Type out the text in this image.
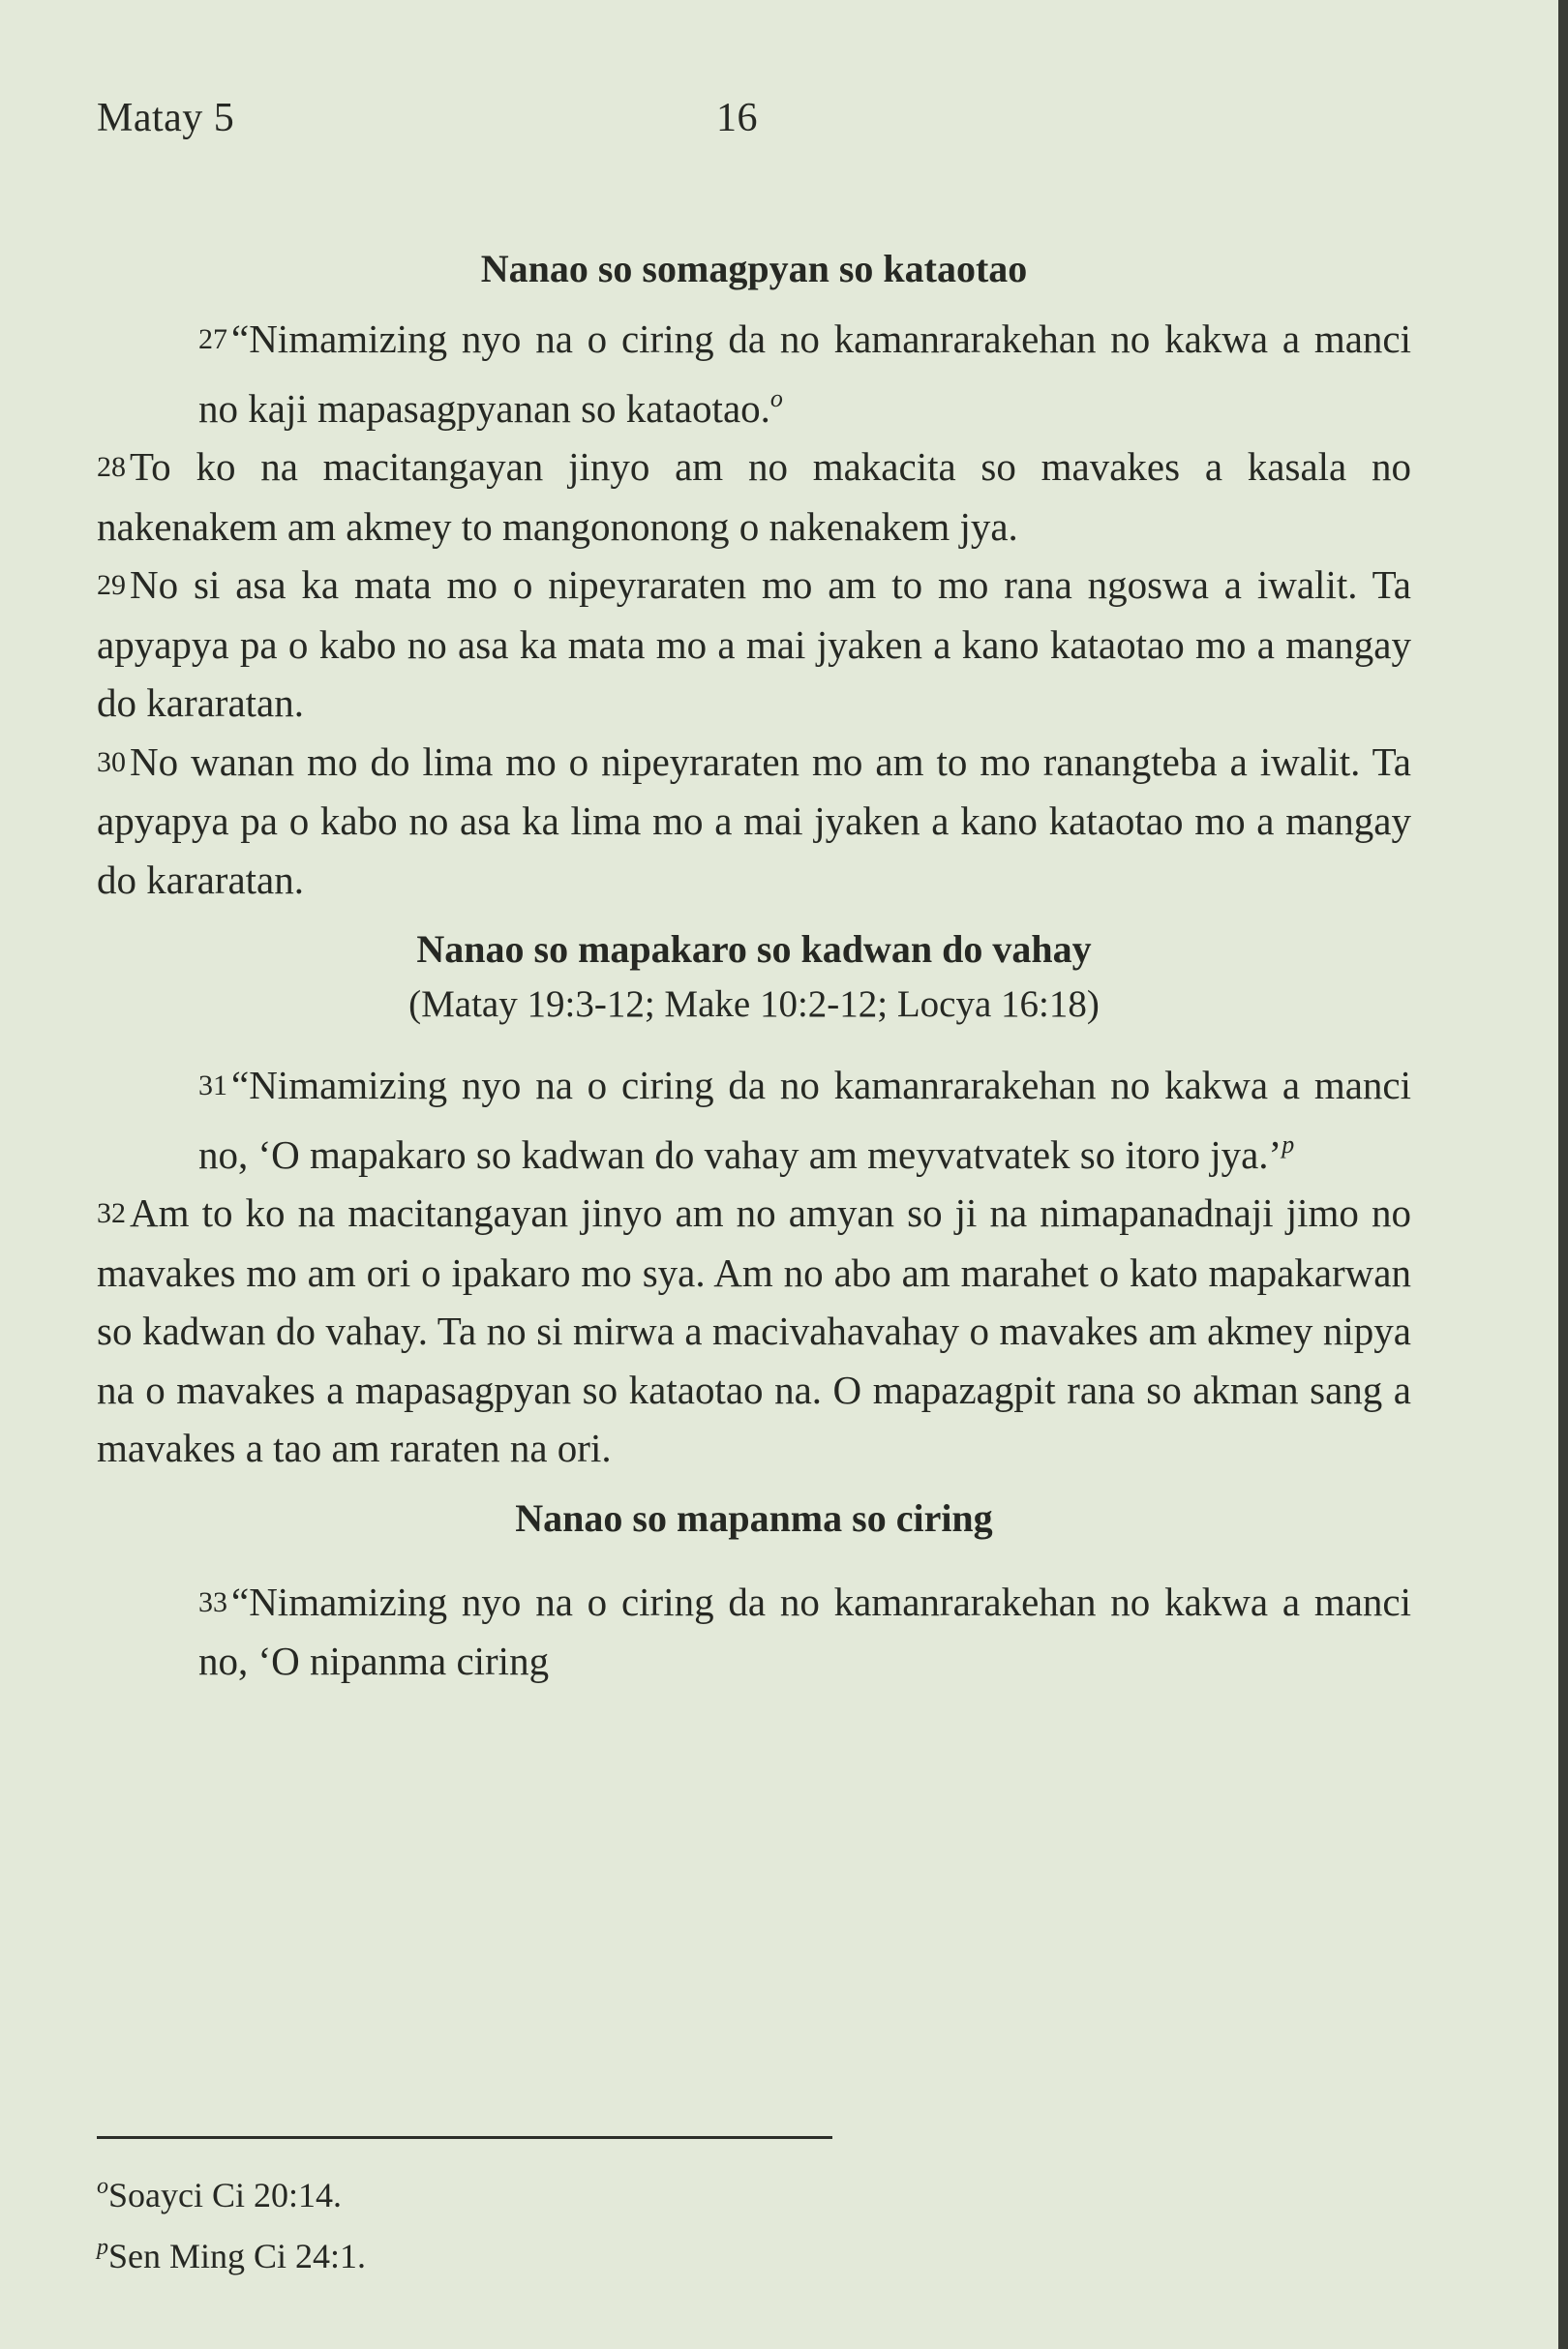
Matay 5	16
Nanao so somagpyan so kataotao

27“Nimamizing nyo na o ciring da no kamanrarakehan no kakwa a manci no kaji mapasagpyanan so kataotao.$^o$

28To ko na macitangayan jinyo am no makacita so mavakes a kasala no nakenakem am akmey to mangononong o nakenakem jya.

29No si asa ka mata mo o nipeyraraten mo am to mo rana ngoswa a iwalit. Ta apyapya pa o kabo no asa ka mata mo a mai jyaken a kano kataotao mo a mangay do kararatan.

30No wanan mo do lima mo o nipeyraraten mo am to mo ranangteba a iwalit. Ta apyapya pa o kabo no asa ka lima mo a mai jyaken a kano kataotao mo a mangay do kararatan.

Nanao so mapakaro so kadwan do vahay

(Matay 19:3-12; Make 10:2-12; Locya 16:18)

31“Nimamizing nyo na o ciring da no kamanrarakehan no kakwa a manci no, ‘O mapakaro so kadwan do vahay am meyvatvatek so itoro jya.’$^p$

32Am to ko na macitangayan jinyo am no amyan so ji na nimapanadnaji jimo no mavakes mo am ori o ipakaro mo sya. Am no abo am marahet o kato mapakarwan so kadwan do vahay. Ta no si mirwa a macivahavahay o mavakes am akmey nipya na o mavakes a mapasagpyan so kataotao na. O mapazagpit rana so akman sang a mavakes a tao am raraten na ori.

Nanao so mapanma so ciring

33“Nimamizing nyo na o ciring da no kamanrarakehan no kakwa a manci no, ‘O nipanma ciring

$^o$Soayci Ci 20:14.
$^p$Sen Ming Ci 24:1.
